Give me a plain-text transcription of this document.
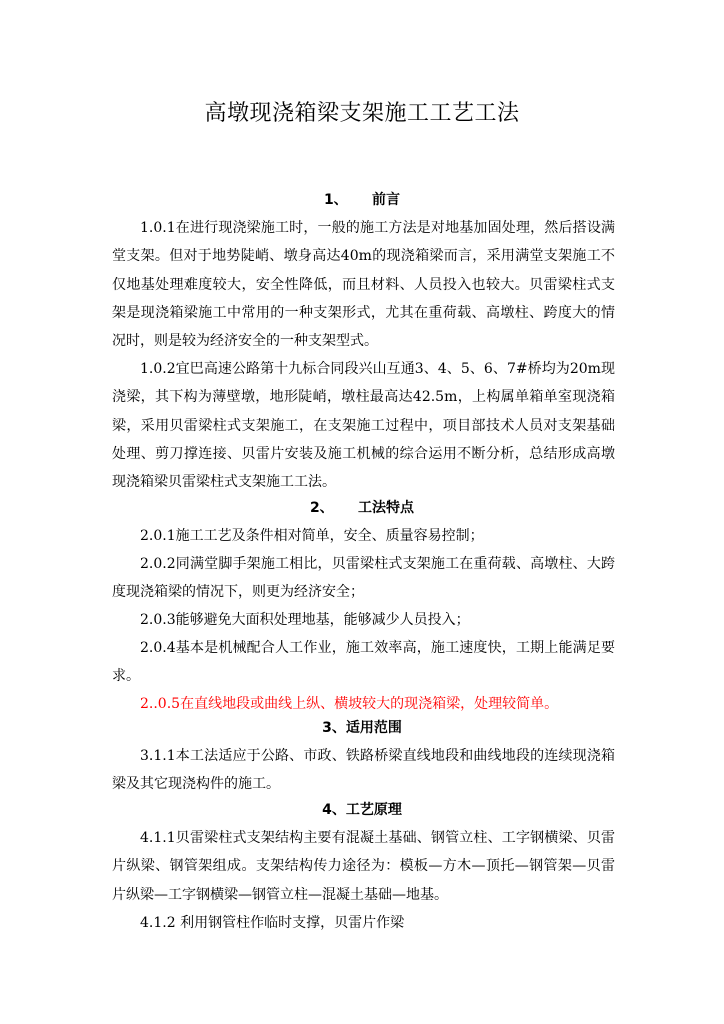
高墩现浇箱梁支架施工工艺工法
1、     前言

1.0.1在进行现浇梁施工时，一般的施工方法是对地基加固处理，然后搭设满堂支架。但对于地势陡峭、墩身高达40m的现浇箱梁而言，采用满堂支架施工不仅地基处理难度较大，安全性降低，而且材料、人员投入也较大。贝雷梁柱式支架是现浇箱梁施工中常用的一种支架形式，尤其在重荷载、高墩柱、跨度大的情况时，则是较为经济安全的一种支架型式。

1.0.2宜巴高速公路第十九标合同段兴山互通3、4、5、6、7#桥均为20m现浇梁，其下构为薄壁墩，地形陡峭，墩柱最高达42.5m，上构属单箱单室现浇箱梁，采用贝雷梁柱式支架施工，在支架施工过程中，项目部技术人员对支架基础处理、剪刀撑连接、贝雷片安装及施工机械的综合运用不断分析，总结形成高墩现浇箱梁贝雷梁柱式支架施工工法。

2、     工法特点

2.0.1施工工艺及条件相对简单，安全、质量容易控制；

2.0.2同满堂脚手架施工相比，贝雷梁柱式支架施工在重荷载、高墩柱、大跨度现浇箱梁的情况下，则更为经济安全；

2.0.3能够避免大面积处理地基，能够减少人员投入；

2.0.4基本是机械配合人工作业，施工效率高，施工速度快，工期上能满足要求。

2..0.5在直线地段或曲线上纵、横坡较大的现浇箱梁，处理较简单。

3、适用范围

3.1.1本工法适应于公路、市政、铁路桥梁直线地段和曲线地段的连续现浇箱梁及其它现浇构件的施工。

4、工艺原理

4.1.1贝雷梁柱式支架结构主要有混凝土基础、钢管立柱、工字钢横梁、贝雷片纵梁、钢管架组成。支架结构传力途径为：模板—方木—顶托—钢管架—贝雷片纵梁—工字钢横梁—钢管立柱—混凝土基础—地基。

4.1.2 利用钢管柱作临时支撑，贝雷片作梁
